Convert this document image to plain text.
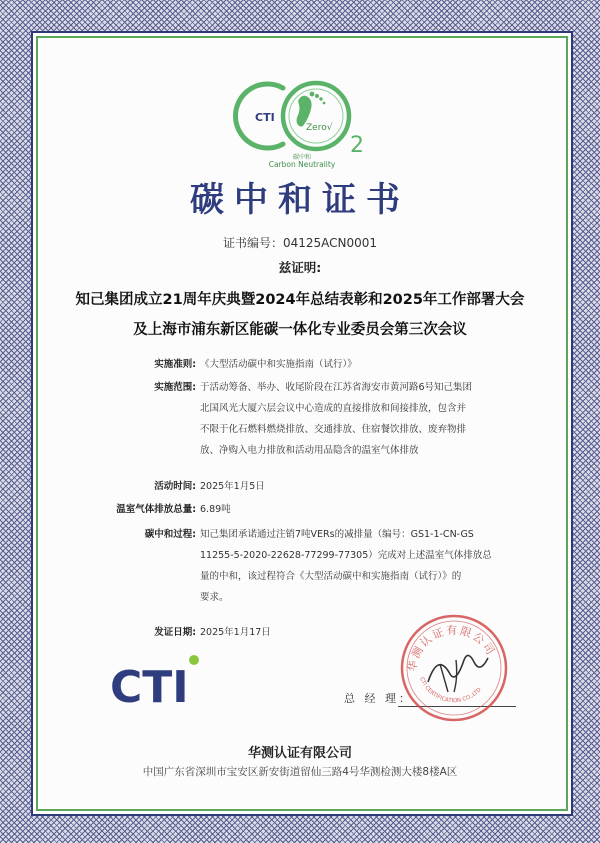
CTI
Zero√
2
碳中和
Carbon Neutrality
碳中和证书
证书编号：04125ACN0001
兹证明:
知己集团成立21周年庆典暨2024年总结表彰和2025年工作部署大会
及上海市浦东新区能碳一体化专业委员会第三次会议
实施准则: 《大型活动碳中和实施指南（试行）》
实施范围: 于活动筹备、举办、收尾阶段在江苏省海安市黄河路6号知己集团
北国风光大厦六层会议中心造成的直接排放和间接排放，包含并
不限于化石燃料燃烧排放、交通排放、住宿餐饮排放、废弃物排
放、净购入电力排放和活动用品隐含的温室气体排放
活动时间: 2025年1月5日
温室气体排放总量: 6.89吨
碳中和过程: 知己集团承诺通过注销7吨VERs的减排量（编号：GS1-1-CN-GS
11255-5-2020-22628-77299-77305）完成对上述温室气体排放总
量的中和，该过程符合《大型活动碳中和实施指南（试行）》的
要求。
发证日期: 2025年1月17日
CTI	总 经 理：
华测认证有限公司
CTI CERTIFICATION CO.,LTD
华测认证有限公司
中国广东省深圳市宝安区新安街道留仙三路4号华测检测大楼8楼A区
